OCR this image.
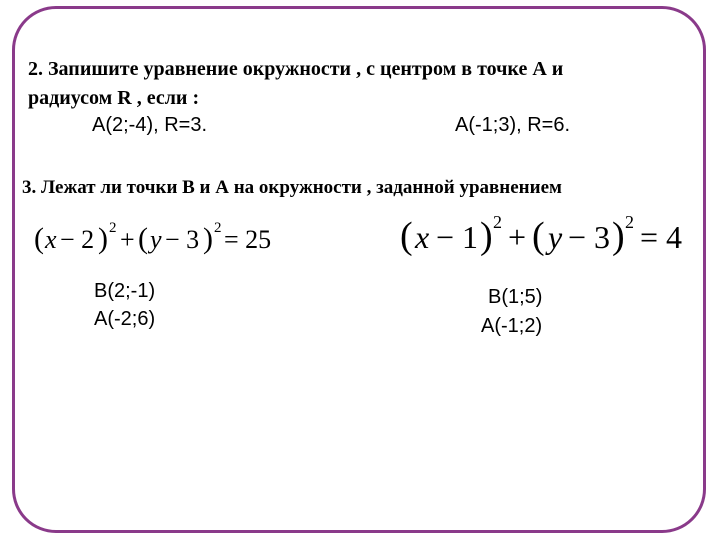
2. Запишите уравнение окружности , с центром в точке А и
радиусом R , если :
А(2;-4), R=3.	А(-1;3), R=6.
3. Лежат ли точки В и А на окружности , заданной уравнением
( x − 2 ) 2 + ( y − 3 ) 2 = 25	( x − 1 ) 2 + ( y − 3 ) 2 = 4
В(2;-1)
А(-2;6)
В(1;5)
А(-1;2)
